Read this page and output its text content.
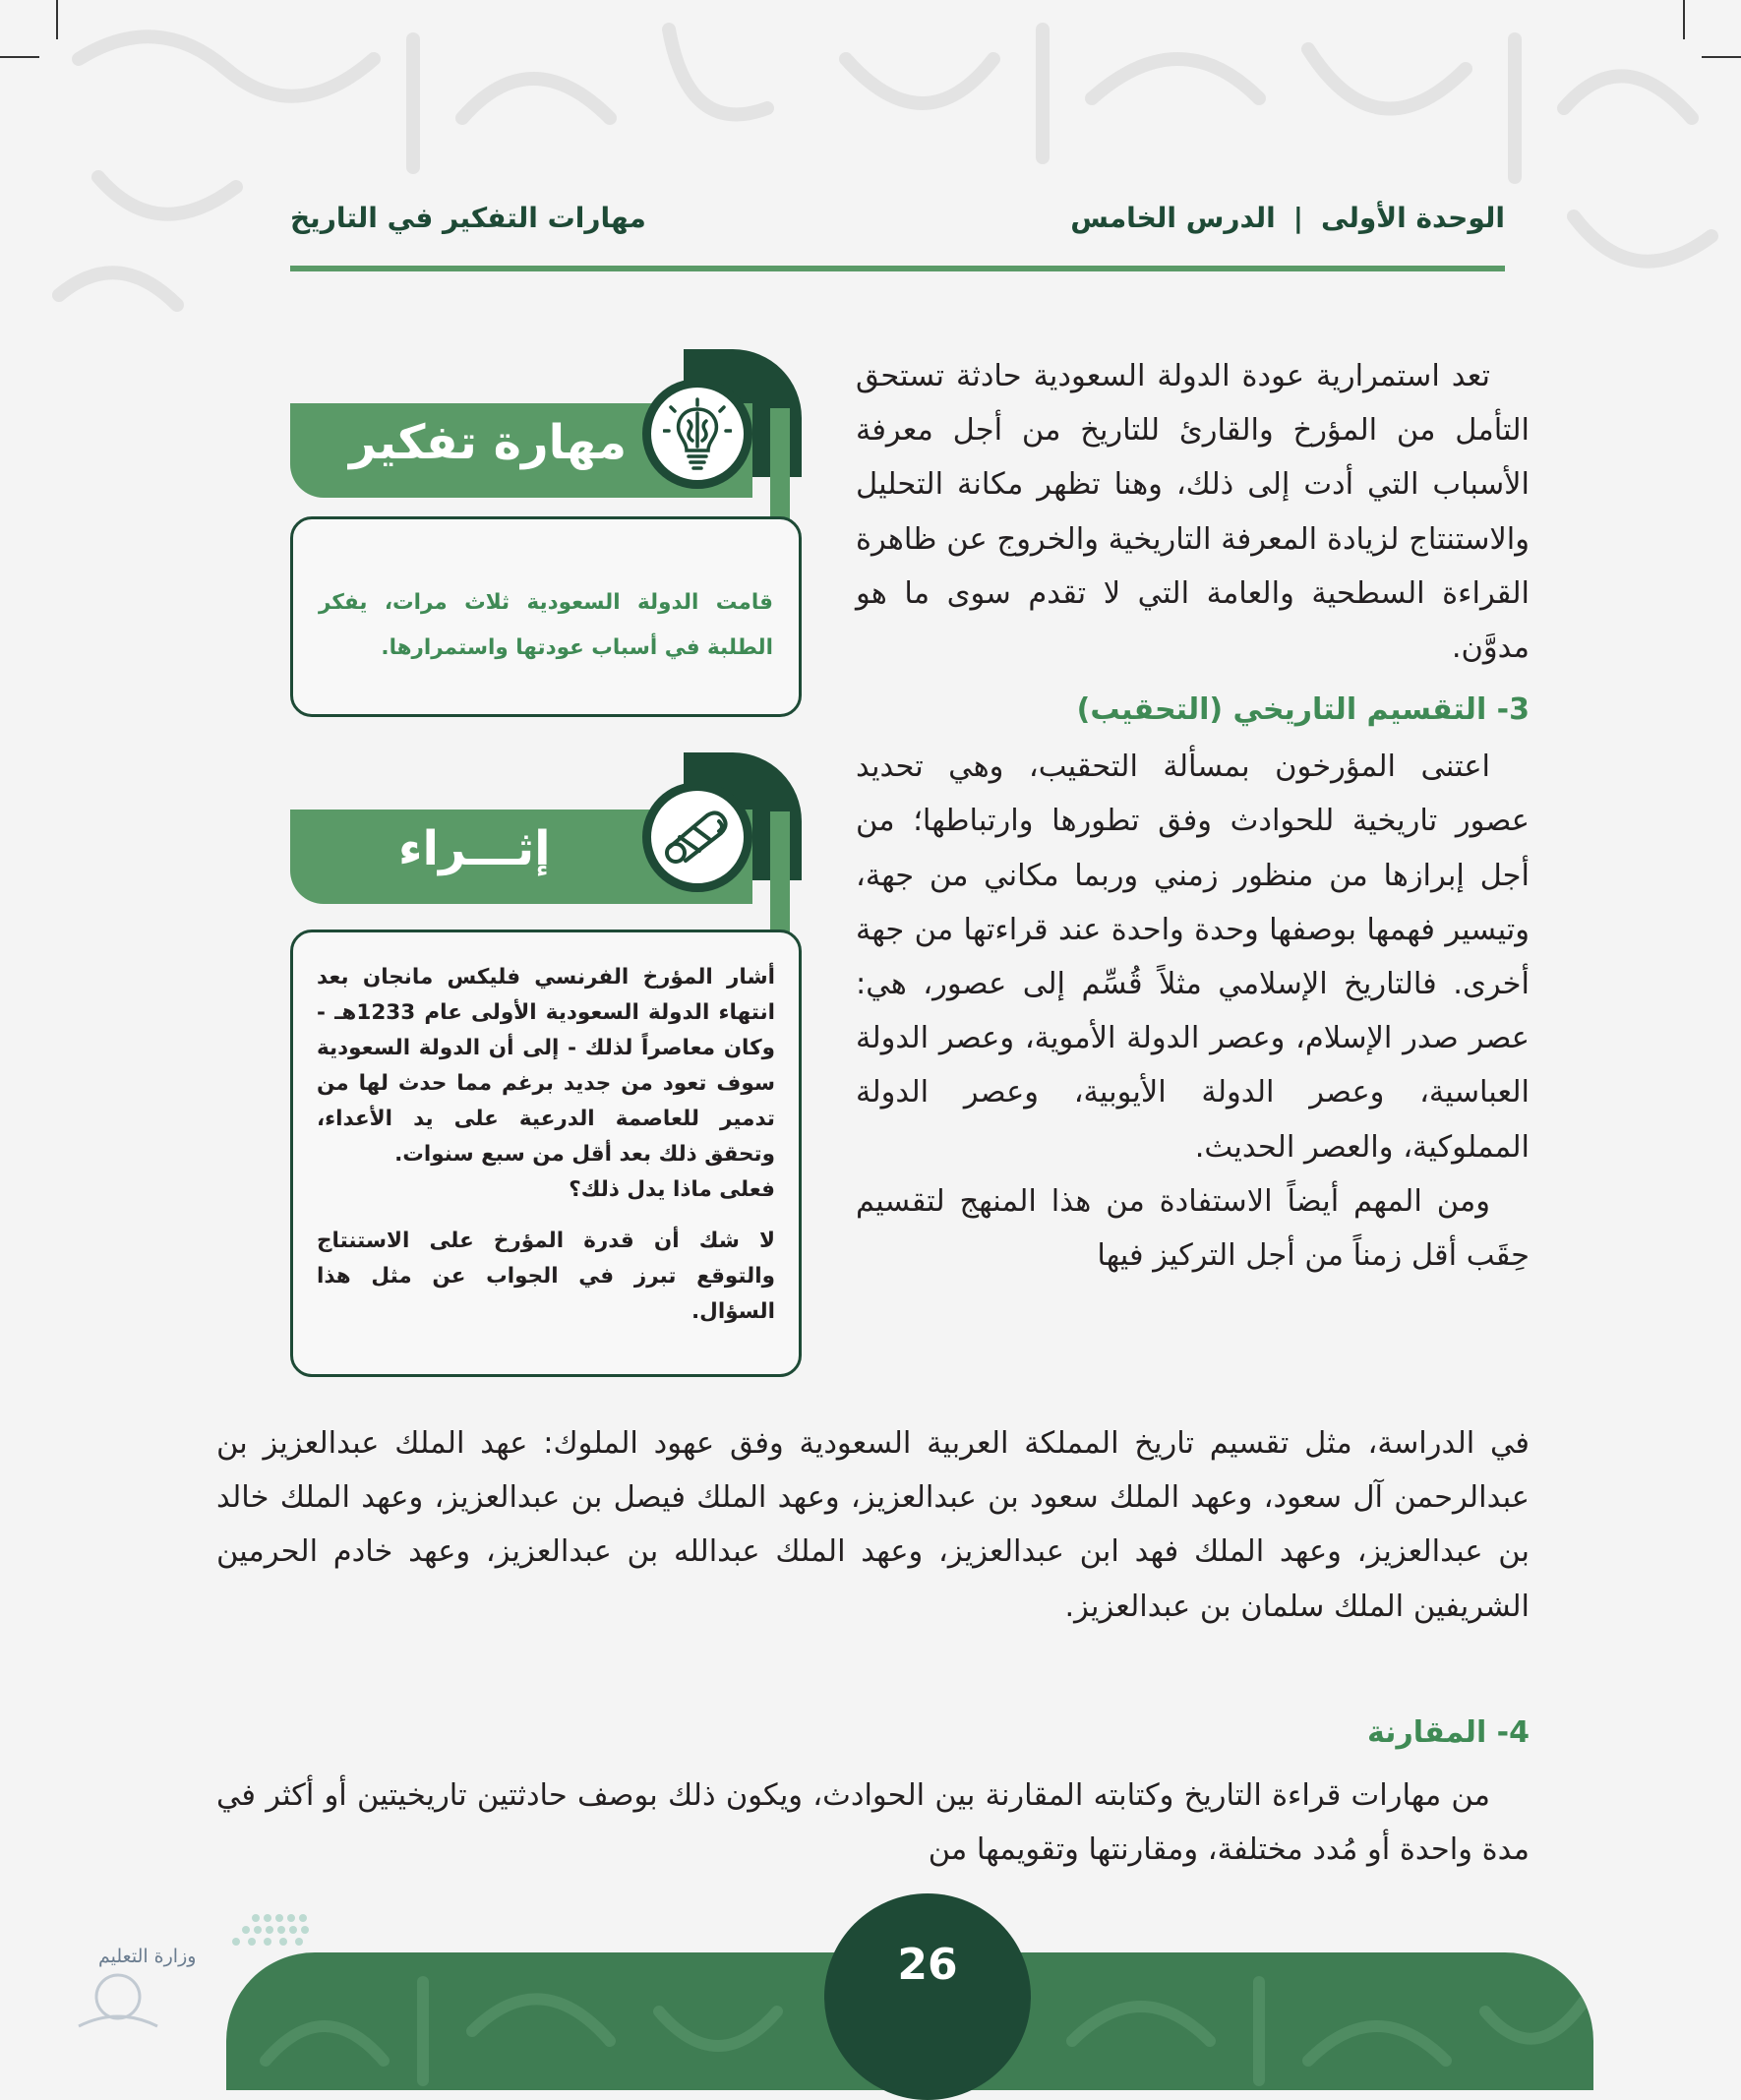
الوحدة الأولى|الدرس الخامس
مهارات التفكير في التاريخ

تعد استمرارية عودة الدولة السعودية حادثة تستحق التأمل من المؤرخ والقارئ للتاريخ من أجل معرفة الأسباب التي أدت إلى ذلك، وهنا تظهر مكانة التحليل والاستنتاج لزيادة المعرفة التاريخية والخروج عن ظاهرة القراءة السطحية والعامة التي لا تقدم سوى ما هو مدوَّن.

3- التقسيم التاريخي (التحقيب)

اعتنى المؤرخون بمسألة التحقيب، وهي تحديد عصور تاريخية للحوادث وفق تطورها وارتباطها؛ من أجل إبرازها من منظور زمني وربما مكاني من جهة، وتيسير فهمها بوصفها وحدة واحدة عند قراءتها من جهة أخرى. فالتاريخ الإسلامي مثلاً قُسِّم إلى عصور، هي: عصر صدر الإسلام، وعصر الدولة الأموية، وعصر الدولة العباسية، وعصر الدولة الأيوبية، وعصر الدولة المملوكية، والعصر الحديث.

ومن المهم أيضاً الاستفادة من هذا المنهج لتقسيم حِقَب أقل زمناً من أجل التركيز فيها

في الدراسة، مثل تقسيم تاريخ المملكة العربية السعودية وفق عهود الملوك: عهد الملك عبدالعزيز بن عبدالرحمن آل سعود، وعهد الملك سعود بن عبدالعزيز، وعهد الملك فيصل بن عبدالعزيز، وعهد الملك خالد بن عبدالعزيز، وعهد الملك فهد ابن عبدالعزيز، وعهد الملك عبدالله بن عبدالعزيز، وعهد خادم الحرمين الشريفين الملك سلمان بن عبدالعزيز.

4- المقارنة

من مهارات قراءة التاريخ وكتابته المقارنة بين الحوادث، ويكون ذلك بوصف حادثتين تاريخيتين أو أكثر في مدة واحدة أو مُدد مختلفة، ومقارنتها وتقويمها من

مهارة تفكير

قامت الدولة السعودية ثلاث مرات، يفكر الطلبة في أسباب عودتها واستمرارها.

إثـــراء

أشار المؤرخ الفرنسي فليكس مانجان بعد انتهاء الدولة السعودية الأولى عام 1233هـ - وكان معاصراً لذلك - إلى أن الدولة السعودية سوف تعود من جديد برغم مما حدث لها من تدمير للعاصمة الدرعية على يد الأعداء، وتحقق ذلك بعد أقل من سبع سنوات.

فعلى ماذا يدل ذلك؟

لا شك أن قدرة المؤرخ على الاستنتاج والتوقع تبرز في الجواب عن مثل هذا السؤال.

26
وزارة التعليم
